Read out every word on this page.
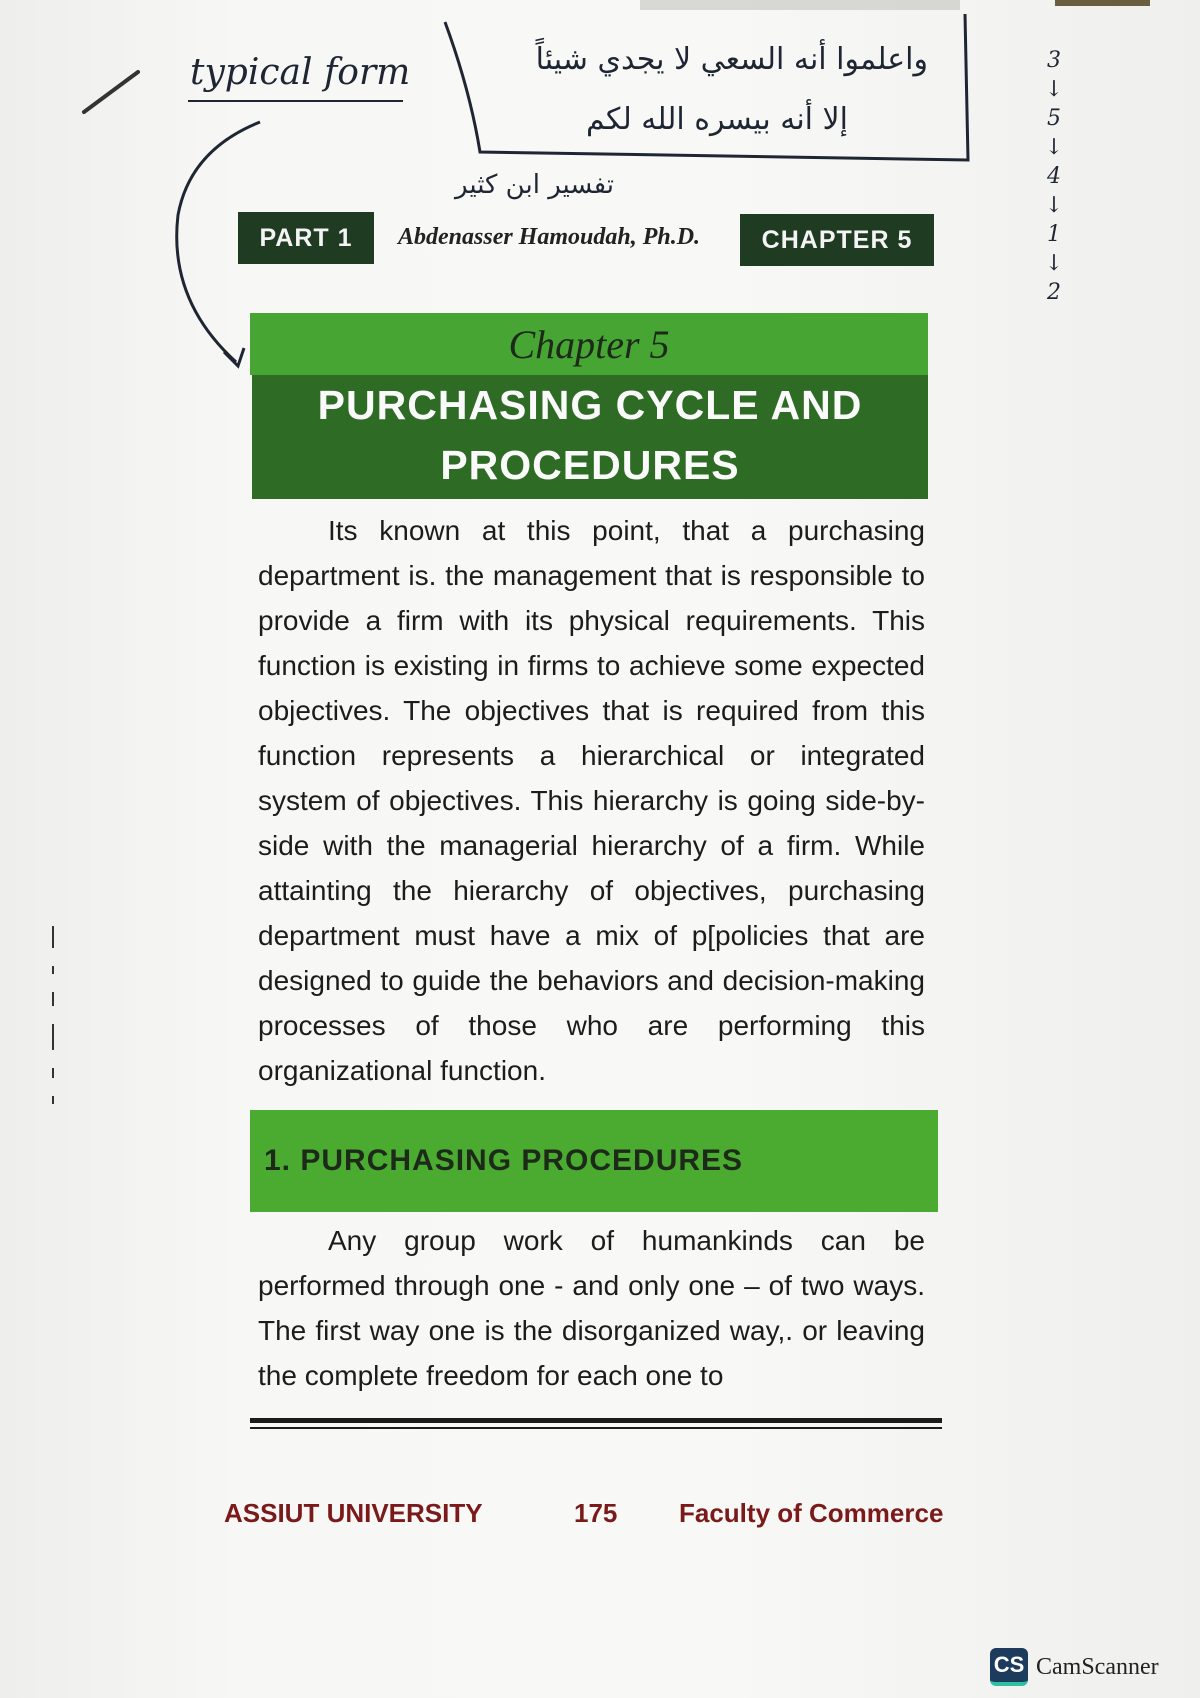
typical form	واعلموا أنه السعي لا يجدي شيئاً
إلا أنه بيسره الله لكم
تفسير ابن كثير
3
↓
5
↓
4
↓
1
↓
2
PART 1	Abdenasser Hamoudah, Ph.D.	CHAPTER 5
Chapter 5
PURCHASING CYCLE AND PROCEDURES

Its known at this point, that a purchasing department is. the management that is responsible to provide a firm with its physical requirements. This function is existing in firms to achieve some expected objectives. The objectives that is required from this function represents a hierarchical or integrated system of objectives. This hierarchy is going side-by-side with the managerial hierarchy of a firm. While attainting the hierarchy of objectives, purchasing department must have a mix of p[policies that are designed to guide the behaviors and decision-making processes of those who are performing this organizational function.

1. PURCHASING PROCEDURES

Any group work of humankinds can be performed through one - and only one – of two ways. The first way one is the disorganized way,. or leaving the complete freedom for each one to

ASSIUT UNIVERSITY	175 Faculty of Commerce
CS CamScanner
